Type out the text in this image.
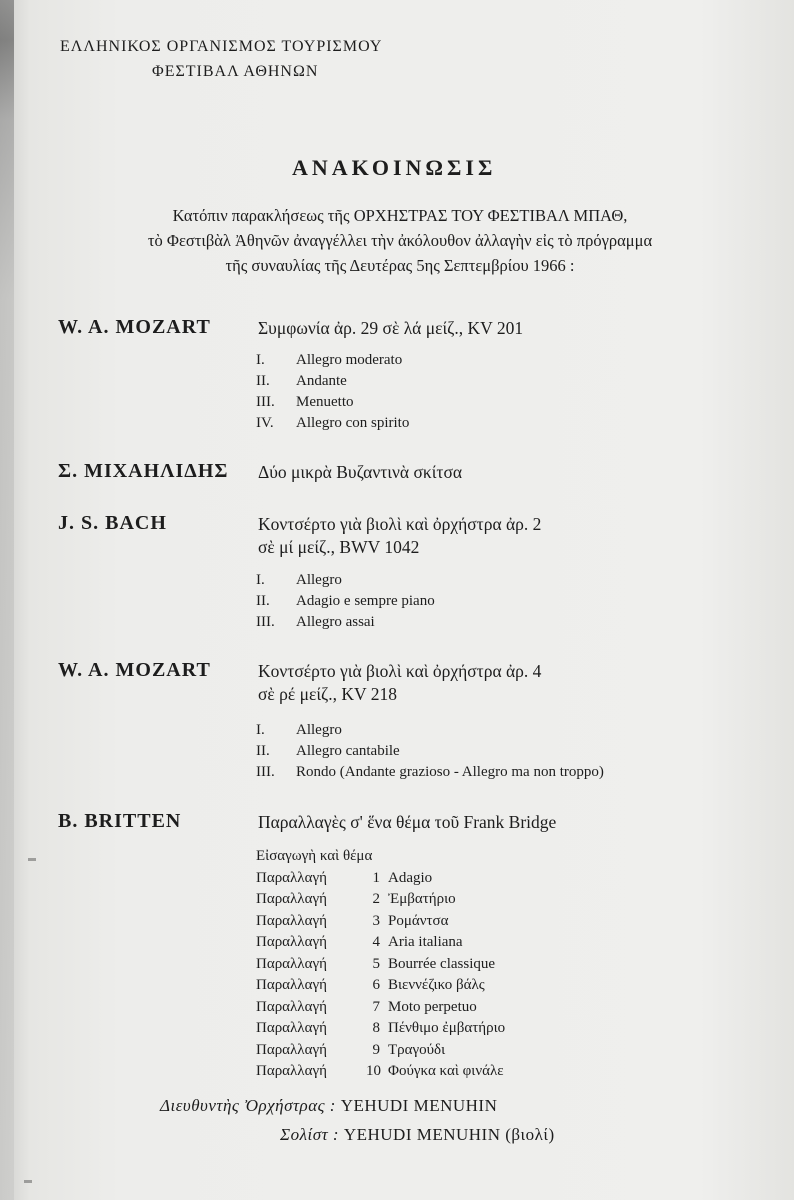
ΕΛΛΗΝΙΚΟΣ ΟΡΓΑΝΙΣΜΟΣ ΤΟΥΡΙΣΜΟΥ
ΦΕΣΤΙΒΑΛ ΑΘΗΝΩΝ
ΑΝΑΚΟΙΝΩΣΙΣ
Κατόπιν παρακλήσεως τῆς ΟΡΧΗΣΤΡΑΣ ΤΟΥ ΦΕΣΤΙΒΑΛ ΜΠΑΘ,
τὸ Φεστιβὰλ Ἀθηνῶν ἀναγγέλλει τὴν ἀκόλουθον ἀλλαγὴν εἰς τὸ πρόγραμμα
τῆς συναυλίας τῆς Δευτέρας 5ης Σεπτεμβρίου 1966 :
W. A. MOZART	Συμφωνία ἀρ. 29 σὲ λά μείζ., KV 201
I. Allegro moderato
II. Andante
III. Menuetto
IV. Allegro con spirito
Σ. ΜΙΧΑΗΛΙΔΗΣ Δύο μικρὰ Βυζαντινὰ σκίτσα
J. S. BACH	Κοντσέρτο γιὰ βιολὶ καὶ ὀρχήστρα ἀρ. 2
σὲ μί μείζ., BWV 1042
I. Allegro
II. Adagio e sempre piano
III. Allegro assai
W. A. MOZART	Κοντσέρτο γιὰ βιολὶ καὶ ὀρχήστρα ἀρ. 4
σὲ ρέ μείζ., KV 218
I. Allegro
II. Allegro cantabile
III. Rondo (Andante grazioso - Allegro ma non troppo)
B. BRITTEN	Παραλλαγὲς σ' ἕνα θέμα τοῦ Frank Bridge
Εἰσαγωγὴ καὶ θέμα
Παραλλαγή	1 Adagio
Παραλλαγή	2 Ἐμβατήριο
Παραλλαγή	3 Ρομάντσα
Παραλλαγή	4 Aria italiana
Παραλλαγή	5 Bourrée classique
Παραλλαγή	6 Βιεννέζικο βάλς
Παραλλαγή	7 Moto perpetuo
Παραλλαγή	8 Πένθιμο ἐμβατήριο
Παραλλαγή	9 Τραγούδι
Παραλλαγή	10 Φούγκα καὶ φινάλε
Διευθυντὴς Ὀρχήστρας : YEHUDI MENUHIN
Σολίστ : YEHUDI MENUHIN (βιολί)
